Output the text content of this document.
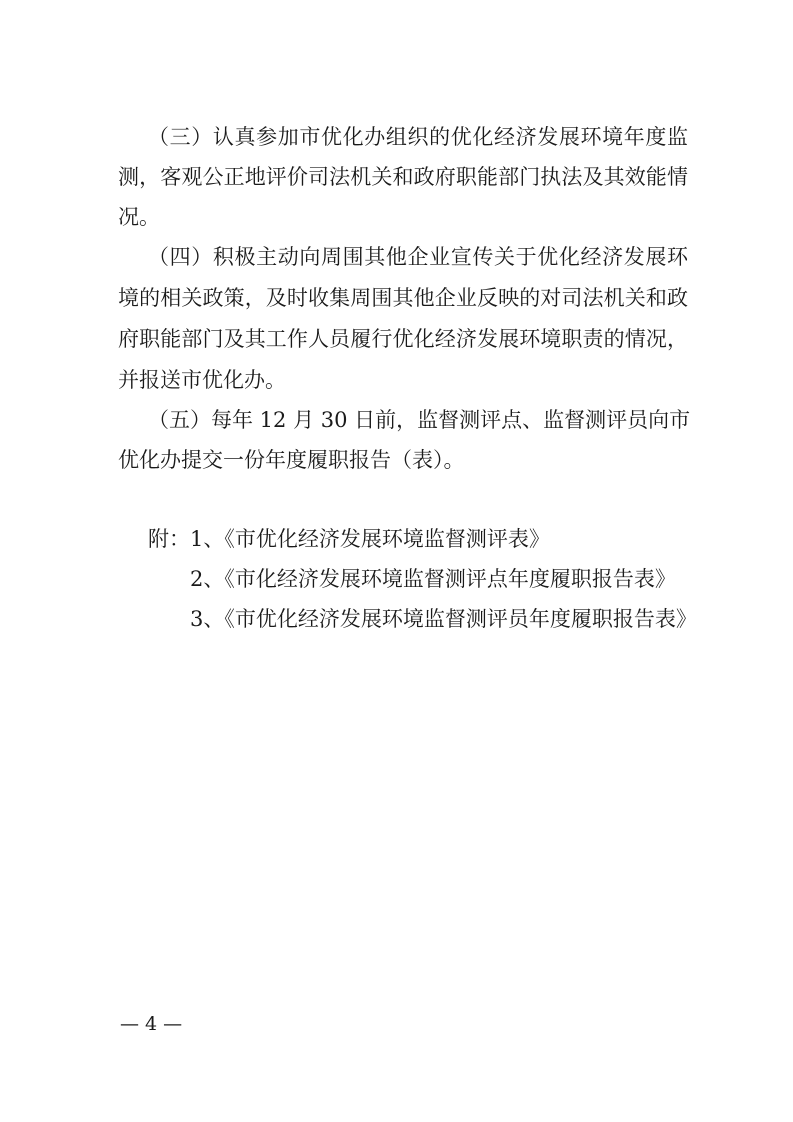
（三）认真参加市优化办组织的优化经济发展环境年度监
测，客观公正地评价司法机关和政府职能部门执法及其效能情
况。
（四）积极主动向周围其他企业宣传关于优化经济发展环
境的相关政策，及时收集周围其他企业反映的对司法机关和政
府职能部门及其工作人员履行优化经济发展环境职责的情况，
并报送市优化办。
（五）每年 12 月 30 日前，监督测评点、监督测评员向市
优化办提交一份年度履职报告（表）。
附： 1、《市优化经济发展环境监督测评表》
2、《市化经济发展环境监督测评点年度履职报告表》
3、《市优化经济发展环境监督测评员年度履职报告表》
— 4 —
